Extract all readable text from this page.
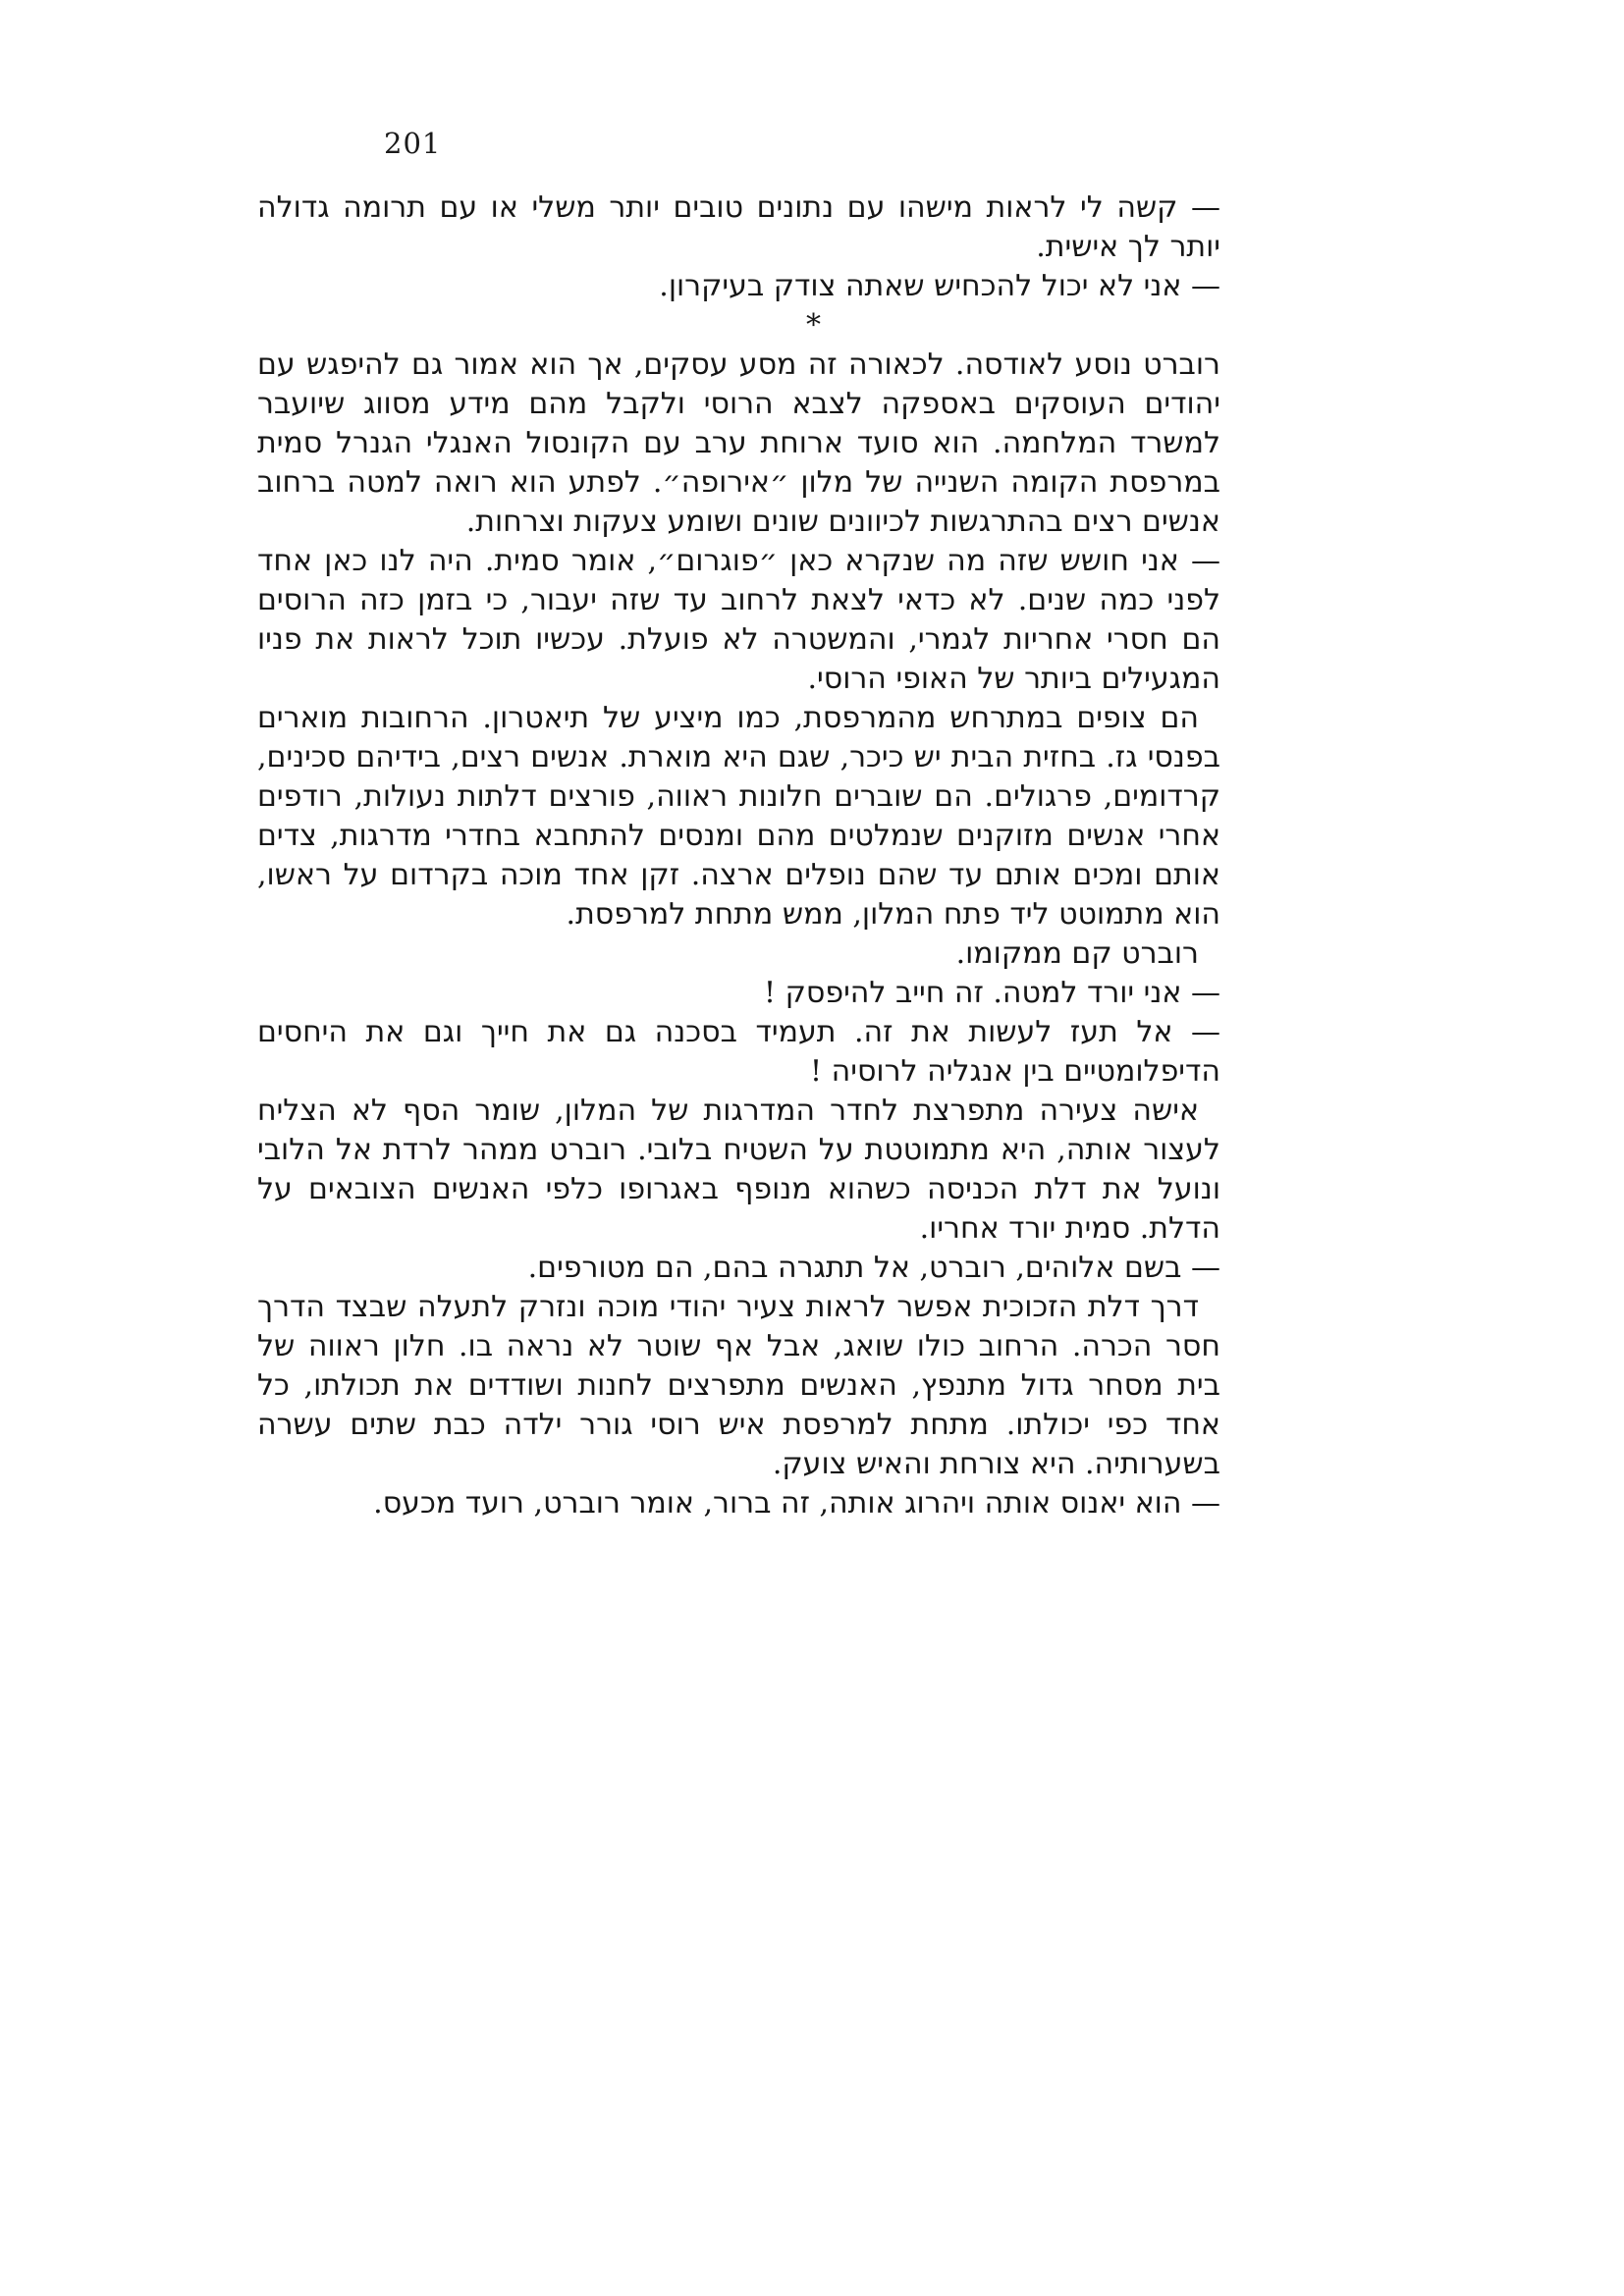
201

— קשה לי לראות מישהו עם נתונים טובים יותר משלי או עם תרומה גדולה יותר לך אישית.

— אני לא יכול להכחיש שאתה צודק בעיקרון.

*

רוברט נוסע לאודסה. לכאורה זה מסע עסקים, אך הוא אמור גם להיפגש עם יהודים העוסקים באספקה לצבא הרוסי ולקבל מהם מידע מסווג שיועבר למשרד המלחמה. הוא סועד ארוחת ערב עם הקונסול האנגלי הגנרל סמית במרפסת הקומה השנייה של מלון ״אירופה״. לפתע הוא רואה למטה ברחוב אנשים רצים בהתרגשות לכיוונים שונים ושומע צעקות וצרחות.

— אני חושש שזה מה שנקרא כאן ״פוגרום״, אומר סמית. היה לנו כאן אחד לפני כמה שנים. לא כדאי לצאת לרחוב עד שזה יעבור, כי בזמן כזה הרוסים הם חסרי אחריות לגמרי, והמשטרה לא פועלת. עכשיו תוכל לראות את פניו המגעילים ביותר של האופי הרוסי.

הם צופים במתרחש מהמרפסת, כמו מיציע של תיאטרון. הרחובות מוארים בפנסי גז. בחזית הבית יש כיכר, שגם היא מוארת. אנשים רצים, בידיהם סכינים, קרדומים, פרגולים. הם שוברים חלונות ראווה, פורצים דלתות נעולות, רודפים אחרי אנשים מזוקנים שנמלטים מהם ומנסים להתחבא בחדרי מדרגות, צדים אותם ומכים אותם עד שהם נופלים ארצה. זקן אחד מוכה בקרדום על ראשו, הוא מתמוטט ליד פתח המלון, ממש מתחת למרפסת.

רוברט קם ממקומו.

— אני יורד למטה. זה חייב להיפסק !

— אל תעז לעשות את זה. תעמיד בסכנה גם את חייך וגם את היחסים הדיפלומטיים בין אנגליה לרוסיה !

אישה צעירה מתפרצת לחדר המדרגות של המלון, שומר הסף לא הצליח לעצור אותה, היא מתמוטטת על השטיח בלובי. רוברט ממהר לרדת אל הלובי ונועל את דלת הכניסה כשהוא מנופף באגרופו כלפי האנשים הצובאים על הדלת. סמית יורד אחריו.

— בשם אלוהים, רוברט, אל תתגרה בהם, הם מטורפים.

דרך דלת הזכוכית אפשר לראות צעיר יהודי מוכה ונזרק לתעלה שבצד הדרך חסר הכרה. הרחוב כולו שואג, אבל אף שוטר לא נראה בו. חלון ראווה של בית מסחר גדול מתנפץ, האנשים מתפרצים לחנות ושודדים את תכולתו, כל אחד כפי יכולתו. מתחת למרפסת איש רוסי גורר ילדה כבת שתים עשרה בשערותיה. היא צורחת והאיש צועק.

— הוא יאנוס אותה ויהרוג אותה, זה ברור, אומר רוברט, רועד מכעס.
